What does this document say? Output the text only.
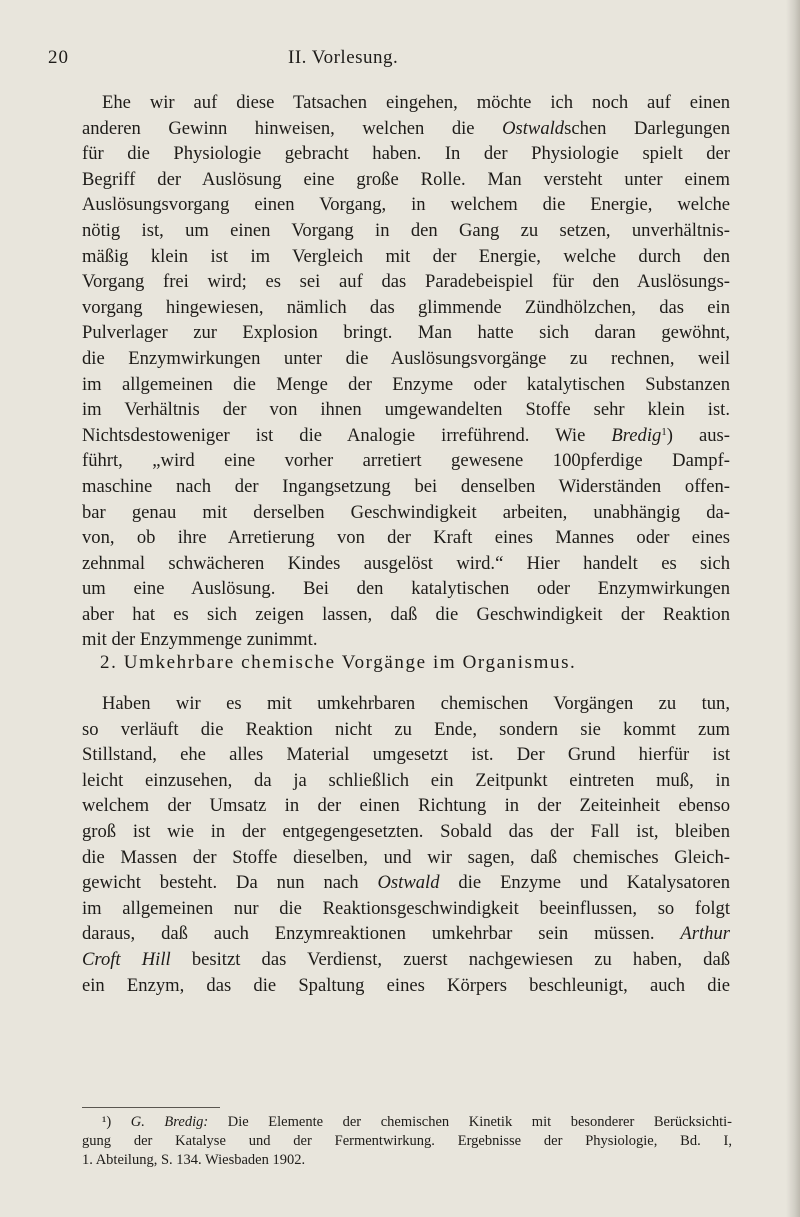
20	II. Vorlesung.

Ehe wir auf diese Tatsachen eingehen, möchte ich noch auf einen
anderen Gewinn hinweisen, welchen die Ostwaldschen Darlegungen
für die Physiologie gebracht haben. In der Physiologie spielt der
Begriff der Auslösung eine große Rolle. Man versteht unter einem
Auslösungsvorgang einen Vorgang, in welchem die Energie, welche
nötig ist, um einen Vorgang in den Gang zu setzen, unverhältnis-
mäßig klein ist im Vergleich mit der Energie, welche durch den
Vorgang frei wird; es sei auf das Paradebeispiel für den Auslösungs-
vorgang hingewiesen, nämlich das glimmende Zündhölzchen, das ein
Pulverlager zur Explosion bringt. Man hatte sich daran gewöhnt,
die Enzymwirkungen unter die Auslösungsvorgänge zu rechnen, weil
im allgemeinen die Menge der Enzyme oder katalytischen Substanzen
im Verhältnis der von ihnen umgewandelten Stoffe sehr klein ist.
Nichtsdestoweniger ist die Analogie irreführend. Wie Bredig$^1$) aus-
führt, „wird eine vorher arretiert gewesene 100pferdige Dampf-
maschine nach der Ingangsetzung bei denselben Widerständen offen-
bar genau mit derselben Geschwindigkeit arbeiten, unabhängig da-
von, ob ihre Arretierung von der Kraft eines Mannes oder eines
zehnmal schwächeren Kindes ausgelöst wird.“ Hier handelt es sich
um eine Auslösung. Bei den katalytischen oder Enzymwirkungen
aber hat es sich zeigen lassen, daß die Geschwindigkeit der Reaktion
mit der Enzymmenge zunimmt.

2. Umkehrbare chemische Vorgänge im Organismus.

Haben wir es mit umkehrbaren chemischen Vorgängen zu tun,
so verläuft die Reaktion nicht zu Ende, sondern sie kommt zum
Stillstand, ehe alles Material umgesetzt ist. Der Grund hierfür ist
leicht einzusehen, da ja schließlich ein Zeitpunkt eintreten muß, in
welchem der Umsatz in der einen Richtung in der Zeiteinheit ebenso
groß ist wie in der entgegengesetzten. Sobald das der Fall ist, bleiben
die Massen der Stoffe dieselben, und wir sagen, daß chemisches Gleich-
gewicht besteht. Da nun nach Ostwald die Enzyme und Katalysatoren
im allgemeinen nur die Reaktionsgeschwindigkeit beeinflussen, so folgt
daraus, daß auch Enzymreaktionen umkehrbar sein müssen. Arthur
Croft Hill besitzt das Verdienst, zuerst nachgewiesen zu haben, daß
ein Enzym, das die Spaltung eines Körpers beschleunigt, auch die

¹) G. Bredig: Die Elemente der chemischen Kinetik mit besonderer Berücksichti-
gung der Katalyse und der Fermentwirkung. Ergebnisse der Physiologie, Bd. I,
1. Abteilung, S. 134. Wiesbaden 1902.
